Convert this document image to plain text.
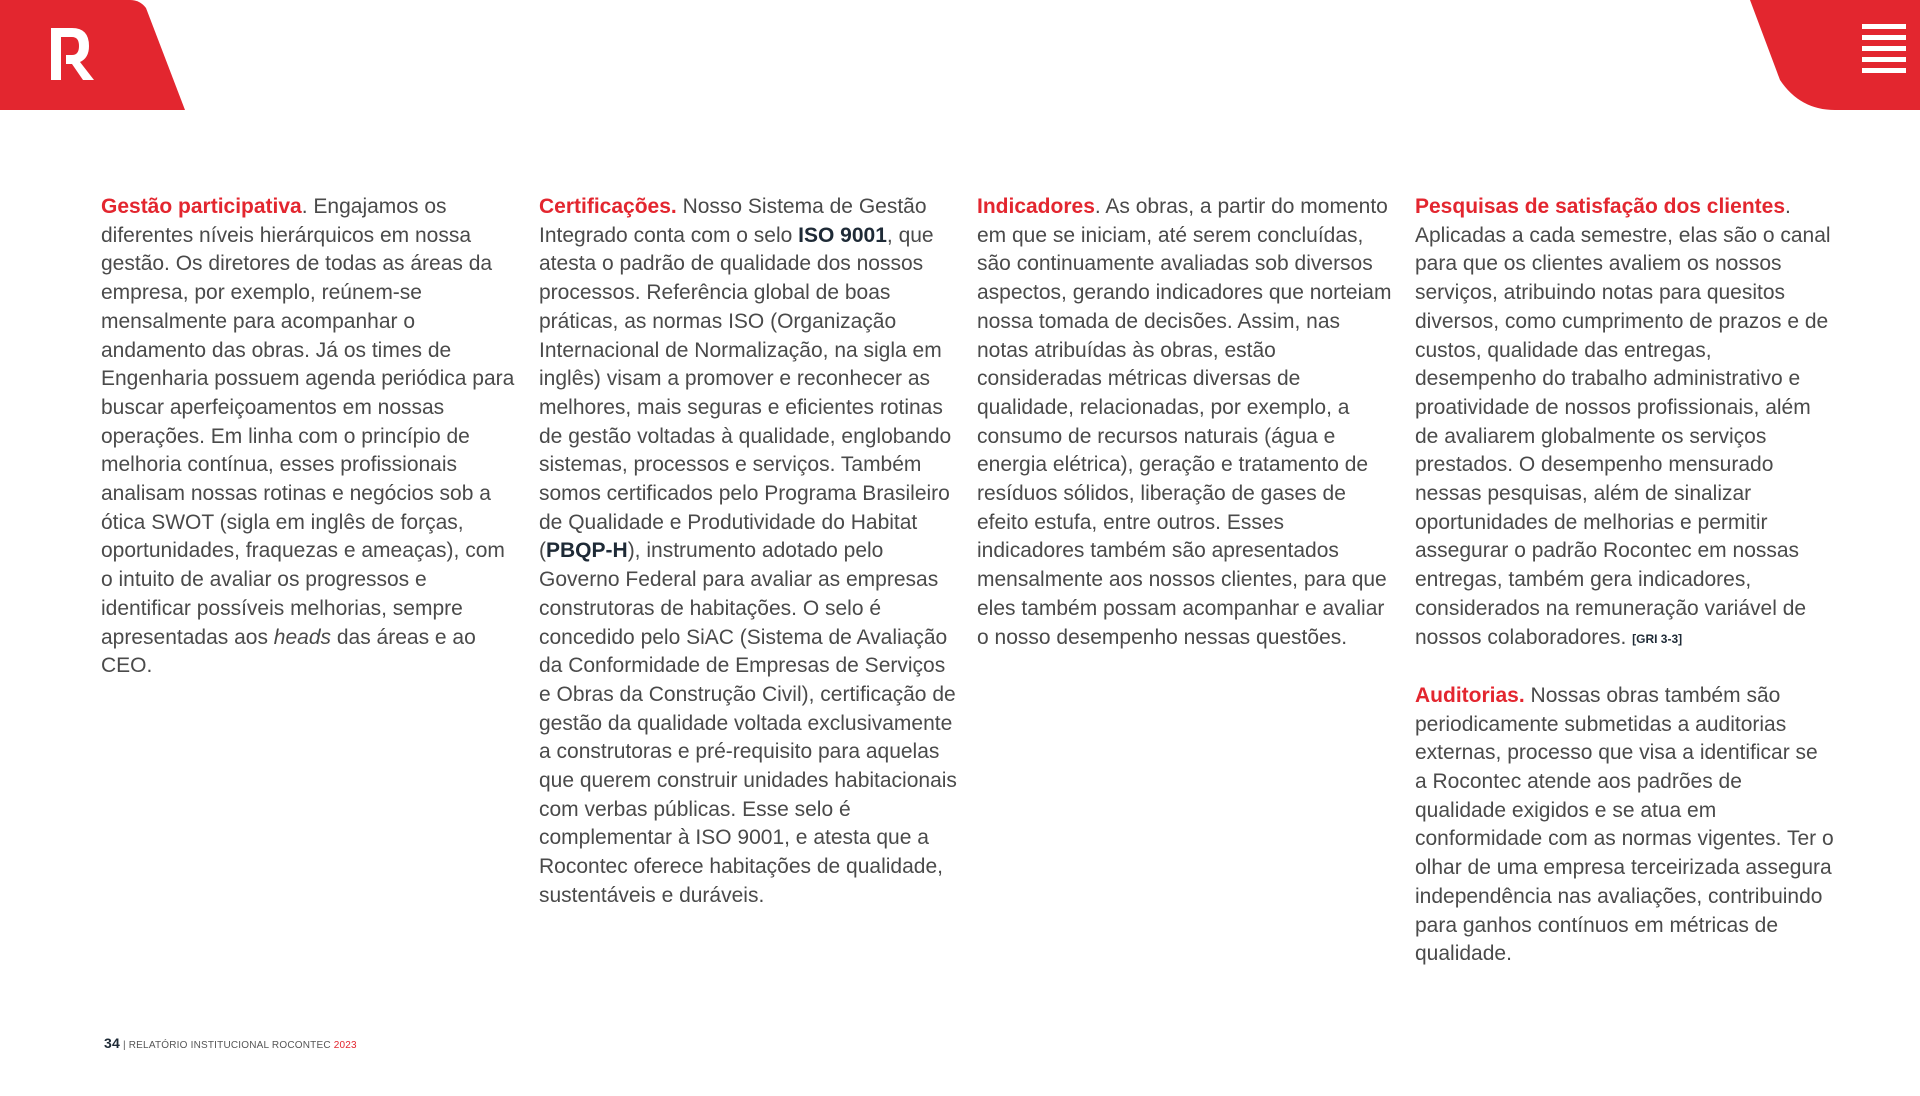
Gestão participativa. Engajamos os diferentes níveis hierárquicos em nossa gestão. Os diretores de todas as áreas da empresa, por exemplo, reúnem-se mensalmente para acompanhar o andamento das obras. Já os times de Engenharia possuem agenda periódica para buscar aperfeiçoamentos em nossas operações. Em linha com o princípio de melhoria contínua, esses profissionais analisam nossas rotinas e negócios sob a ótica SWOT (sigla em inglês de forças, oportunidades, fraquezas e ameaças), com o intuito de avaliar os progressos e identificar possíveis melhorias, sempre apresentadas aos heads das áreas e ao CEO.

Certificações. Nosso Sistema de Gestão Integrado conta com o selo ISO 9001, que atesta o padrão de qualidade dos nossos processos. Referência global de boas práticas, as normas ISO (Organização Internacional de Normalização, na sigla em inglês) visam a promover e reconhecer as melhores, mais seguras e eficientes rotinas de gestão voltadas à qualidade, englobando sistemas, processos e serviços. Também somos certificados pelo Programa Brasileiro de Qualidade e Produtividade do Habitat (PBQP-H), instrumento adotado pelo Governo Federal para avaliar as empresas construtoras de habitações. O selo é concedido pelo SiAC (Sistema de Avaliação da Conformidade de Empresas de Serviços e Obras da Construção Civil), certificação de gestão da qualidade voltada exclusivamente a construtoras e pré-requisito para aquelas que querem construir unidades habitacionais com verbas públicas. Esse selo é complementar à ISO 9001, e atesta que a Rocontec oferece habitações de qualidade, sustentáveis e duráveis.

Indicadores. As obras, a partir do momento em que se iniciam, até serem concluídas, são continuamente avaliadas sob diversos aspectos, gerando indicadores que norteiam nossa tomada de decisões. Assim, nas notas atribuídas às obras, estão consideradas métricas diversas de qualidade, relacionadas, por exemplo, a consumo de recursos naturais (água e energia elétrica), geração e tratamento de resíduos sólidos, liberação de gases de efeito estufa, entre outros. Esses indicadores também são apresentados mensalmente aos nossos clientes, para que eles também possam acompanhar e avaliar o nosso desempenho nessas questões.

Pesquisas de satisfação dos clientes. Aplicadas a cada semestre, elas são o canal para que os clientes avaliem os nossos serviços, atribuindo notas para quesitos diversos, como cumprimento de prazos e de custos, qualidade das entregas, desempenho do trabalho administrativo e proatividade de nossos profissionais, além de avaliarem globalmente os serviços prestados. O desempenho mensurado nessas pesquisas, além de sinalizar oportunidades de melhorias e permitir assegurar o padrão Rocontec em nossas entregas, também gera indicadores, considerados na remuneração variável de nossos colaboradores. [GRI 3-3]

Auditorias. Nossas obras também são periodicamente submetidas a auditorias externas, processo que visa a identificar se a Rocontec atende aos padrões de qualidade exigidos e se atua em conformidade com as normas vigentes. Ter o olhar de uma empresa terceirizada assegura independência nas avaliações, contribuindo para ganhos contínuos em métricas de qualidade.

34 | RELATÓRIO INSTITUCIONAL ROCONTEC 2023
